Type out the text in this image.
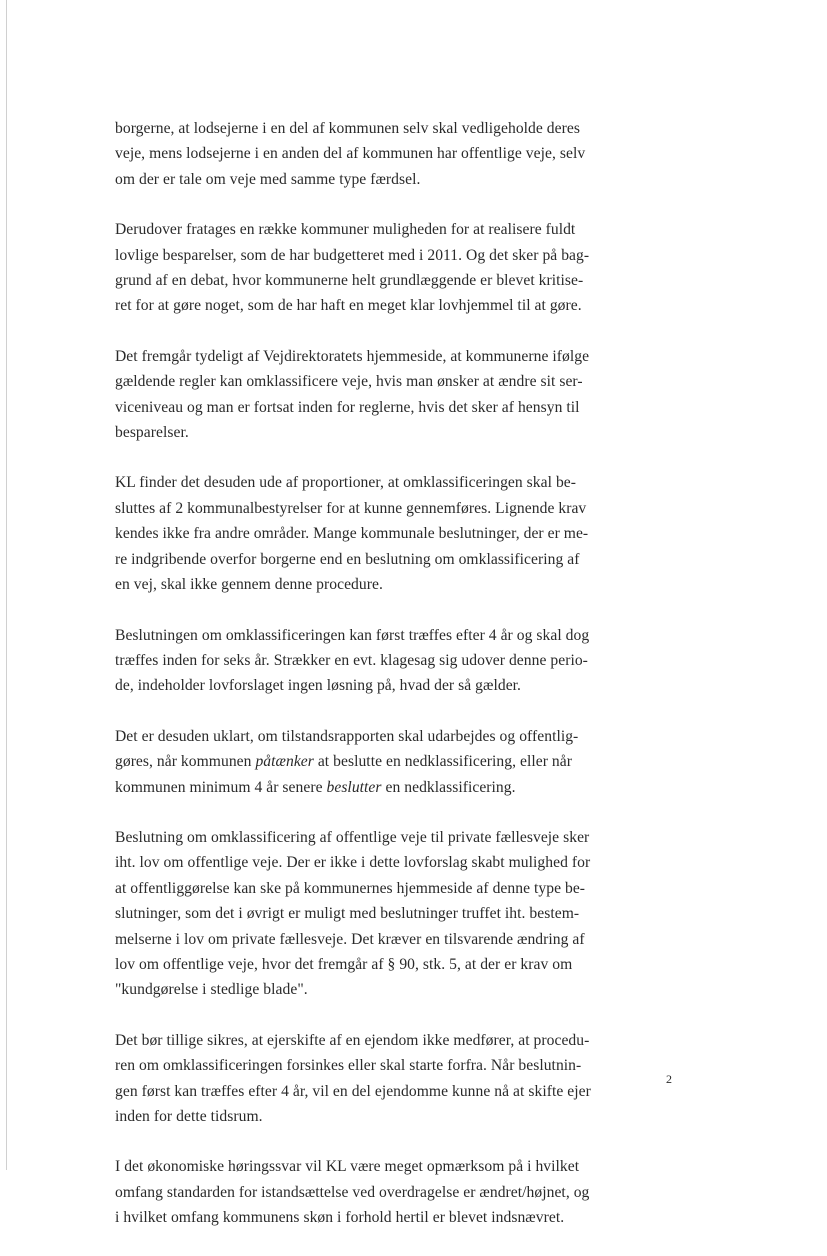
borgerne, at lodsejerne i en del af kommunen selv skal vedligeholde deres
veje, mens lodsejerne i en anden del af kommunen har offentlige veje, selv
om der er tale om veje med samme type færdsel.

Derudover fratages en række kommuner muligheden for at realisere fuldt
lovlige besparelser, som de har budgetteret med i 2011. Og det sker på bag-
grund af en debat, hvor kommunerne helt grundlæggende er blevet kritise-
ret for at gøre noget, som de har haft en meget klar lovhjemmel til at gøre.

Det fremgår tydeligt af Vejdirektoratets hjemmeside, at kommunerne ifølge
gældende regler kan omklassificere veje, hvis man ønsker at ændre sit ser-
viceniveau og man er fortsat inden for reglerne, hvis det sker af hensyn til
besparelser.

KL finder det desuden ude af proportioner, at omklassificeringen skal be-
sluttes af 2 kommunalbestyrelser for at kunne gennemføres. Lignende krav
kendes ikke fra andre områder. Mange kommunale beslutninger, der er me-
re indgribende overfor borgerne end en beslutning om omklassificering af
en vej, skal ikke gennem denne procedure.

Beslutningen om omklassificeringen kan først træffes efter 4 år og skal dog
træffes inden for seks år. Strækker en evt. klagesag sig udover denne perio-
de, indeholder lovforslaget ingen løsning på, hvad der så gælder.

Det er desuden uklart, om tilstandsrapporten skal udarbejdes og offentlig-
gøres, når kommunen påtænker at beslutte en nedklassificering, eller når
kommunen minimum 4 år senere beslutter en nedklassificering.

Beslutning om omklassificering af offentlige veje til private fællesveje sker
iht. lov om offentlige veje. Der er ikke i dette lovforslag skabt mulighed for
at offentliggørelse kan ske på kommunernes hjemmeside af denne type be-
slutninger, som det i øvrigt er muligt med beslutninger truffet iht. bestem-
melserne i lov om private fællesveje. Det kræver en tilsvarende ændring af
lov om offentlige veje, hvor det fremgår af § 90, stk. 5, at der er krav om
"kundgørelse i stedlige blade".

Det bør tillige sikres, at ejerskifte af en ejendom ikke medfører, at procedu-
ren om omklassificeringen forsinkes eller skal starte forfra. Når beslutnin-
gen først kan træffes efter 4 år, vil en del ejendomme kunne nå at skifte ejer
inden for dette tidsrum.

I det økonomiske høringssvar vil KL være meget opmærksom på i hvilket
omfang standarden for istandsættelse ved overdragelse er ændret/højnet, og
i hvilket omfang kommunens skøn i forhold hertil er blevet indsnævret.

2
